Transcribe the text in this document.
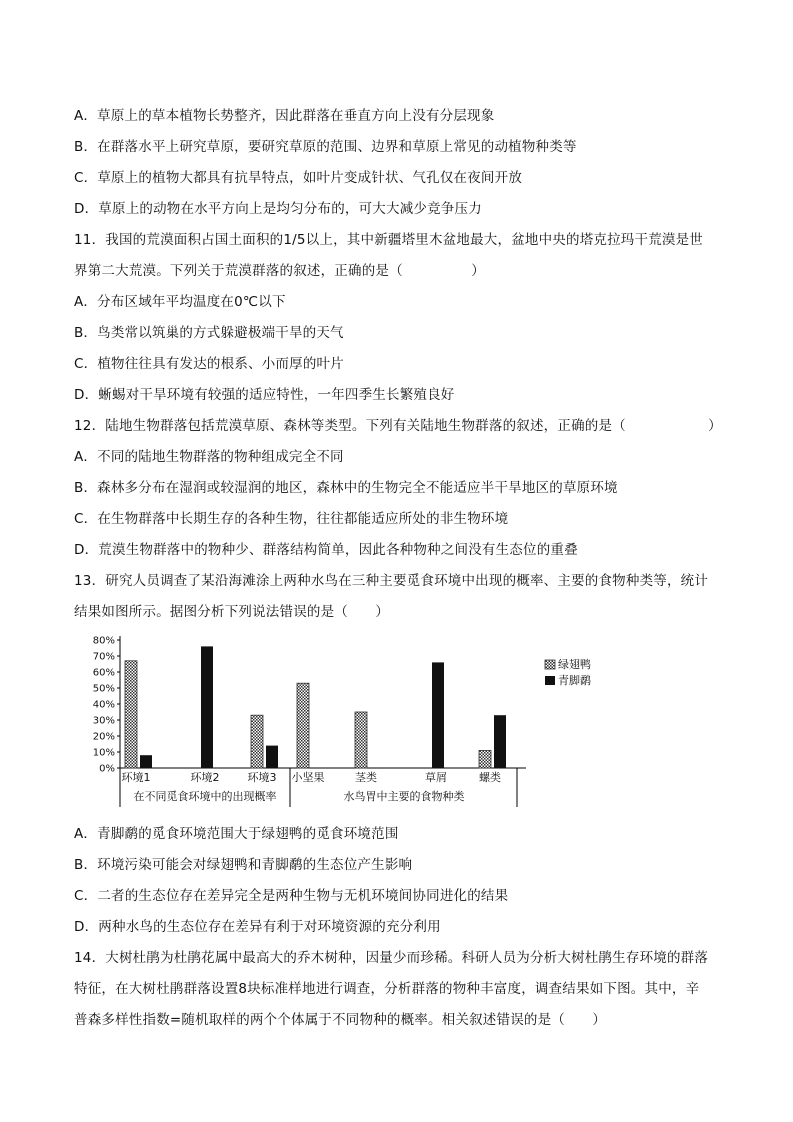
A．草原上的草本植物长势整齐，因此群落在垂直方向上没有分层现象
B．在群落水平上研究草原，要研究草原的范围、边界和草原上常见的动植物种类等
C．草原上的植物大都具有抗旱特点，如叶片变成针状、气孔仅在夜间开放
D．草原上的动物在水平方向上是均匀分布的，可大大减少竞争压力
11．我国的荒漠面积占国土面积的1/5以上，其中新疆塔里木盆地最大，盆地中央的塔克拉玛干荒漠是世
界第二大荒漠。下列关于荒漠群落的叙述，正确的是（　　　　　）
A．分布区域年平均温度在0℃以下
B．鸟类常以筑巢的方式躲避极端干旱的天气
C．植物往往具有发达的根系、小而厚的叶片
D．蜥蜴对干旱环境有较强的适应特性，一年四季生长繁殖良好
12．陆地生物群落包括荒漠草原、森林等类型。下列有关陆地生物群落的叙述，正确的是（　　　　　　）
A．不同的陆地生物群落的物种组成完全不同
B．森林多分布在湿润或较湿润的地区，森林中的生物完全不能适应半干旱地区的草原环境
C．在生物群落中长期生存的各种生物，往往都能适应所处的非生物环境
D．荒漠生物群落中的物种少、群落结构简单，因此各种物种之间没有生态位的重叠
13．研究人员调查了某沿海滩涂上两种水鸟在三种主要觅食环境中出现的概率、主要的食物种类等，统计
结果如图所示。据图分析下列说法错误的是（　　）
0%
10%
20%
30%
40%
50%
60%
70%
80%
环境1	环境2	环境3 小坚果	茎类	草屑	螺类
在不同觅食环境中的出现概率	水鸟胃中主要的食物种类
绿翅鸭
青脚鹬
A．青脚鹬的觅食环境范围大于绿翅鸭的觅食环境范围
B．环境污染可能会对绿翅鸭和青脚鹬的生态位产生影响
C．二者的生态位存在差异完全是两种生物与无机环境间协同进化的结果
D．两种水鸟的生态位存在差异有利于对环境资源的充分利用
14．大树杜鹃为杜鹃花属中最高大的乔木树种，因量少而珍稀。科研人员为分析大树杜鹃生存环境的群落
特征，在大树杜鹃群落设置8块标准样地进行调查，分析群落的物种丰富度，调查结果如下图。其中，辛
普森多样性指数=随机取样的两个个体属于不同物种的概率。相关叙述错误的是（　　）
